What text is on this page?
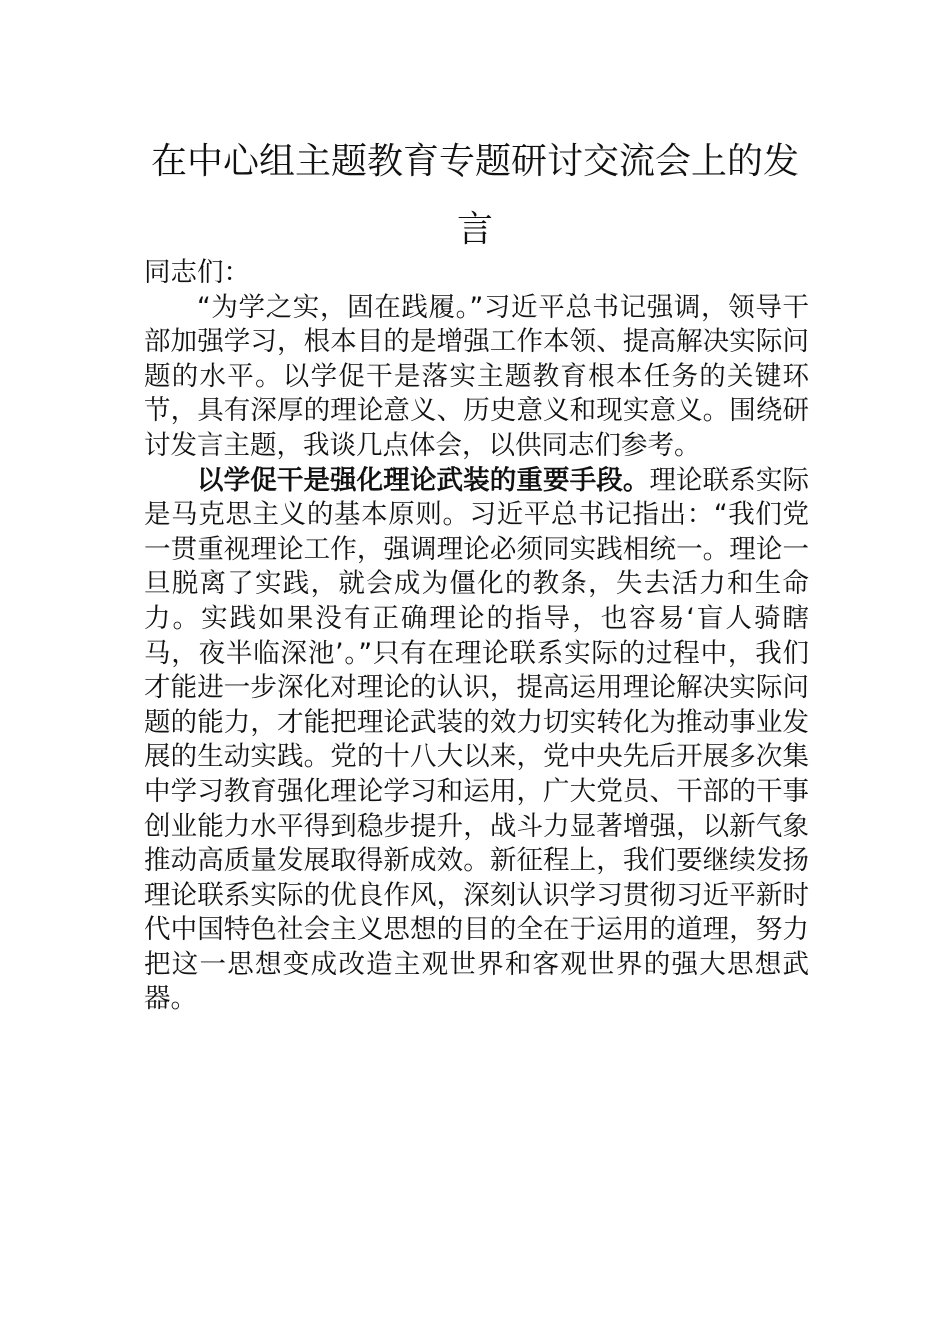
在中心组主题教育专题研讨交流会上的发言

同志们：

“为学之实，固在践履。”习近平总书记强调，领导干部加强学习，根本目的是增强工作本领、提高解决实际问题的水平。以学促干是落实主题教育根本任务的关键环节，具有深厚的理论意义、历史意义和现实意义。围绕研讨发言主题，我谈几点体会，以供同志们参考。

以学促干是强化理论武装的重要手段。理论联系实际是马克思主义的基本原则。习近平总书记指出：“我们党一贯重视理论工作，强调理论必须同实践相统一。理论一旦脱离了实践，就会成为僵化的教条，失去活力和生命力。实践如果没有正确理论的指导，也容易‘盲人骑瞎马，夜半临深池’。”只有在理论联系实际的过程中，我们才能进一步深化对理论的认识，提高运用理论解决实际问题的能力，才能把理论武装的效力切实转化为推动事业发展的生动实践。党的十八大以来，党中央先后开展多次集中学习教育强化理论学习和运用，广大党员、干部的干事创业能力水平得到稳步提升，战斗力显著增强，以新气象推动高质量发展取得新成效。新征程上，我们要继续发扬理论联系实际的优良作风，深刻认识学习贯彻习近平新时代中国特色社会主义思想的目的全在于运用的道理，努力把这一思想变成改造主观世界和客观世界的强大思想武器。
